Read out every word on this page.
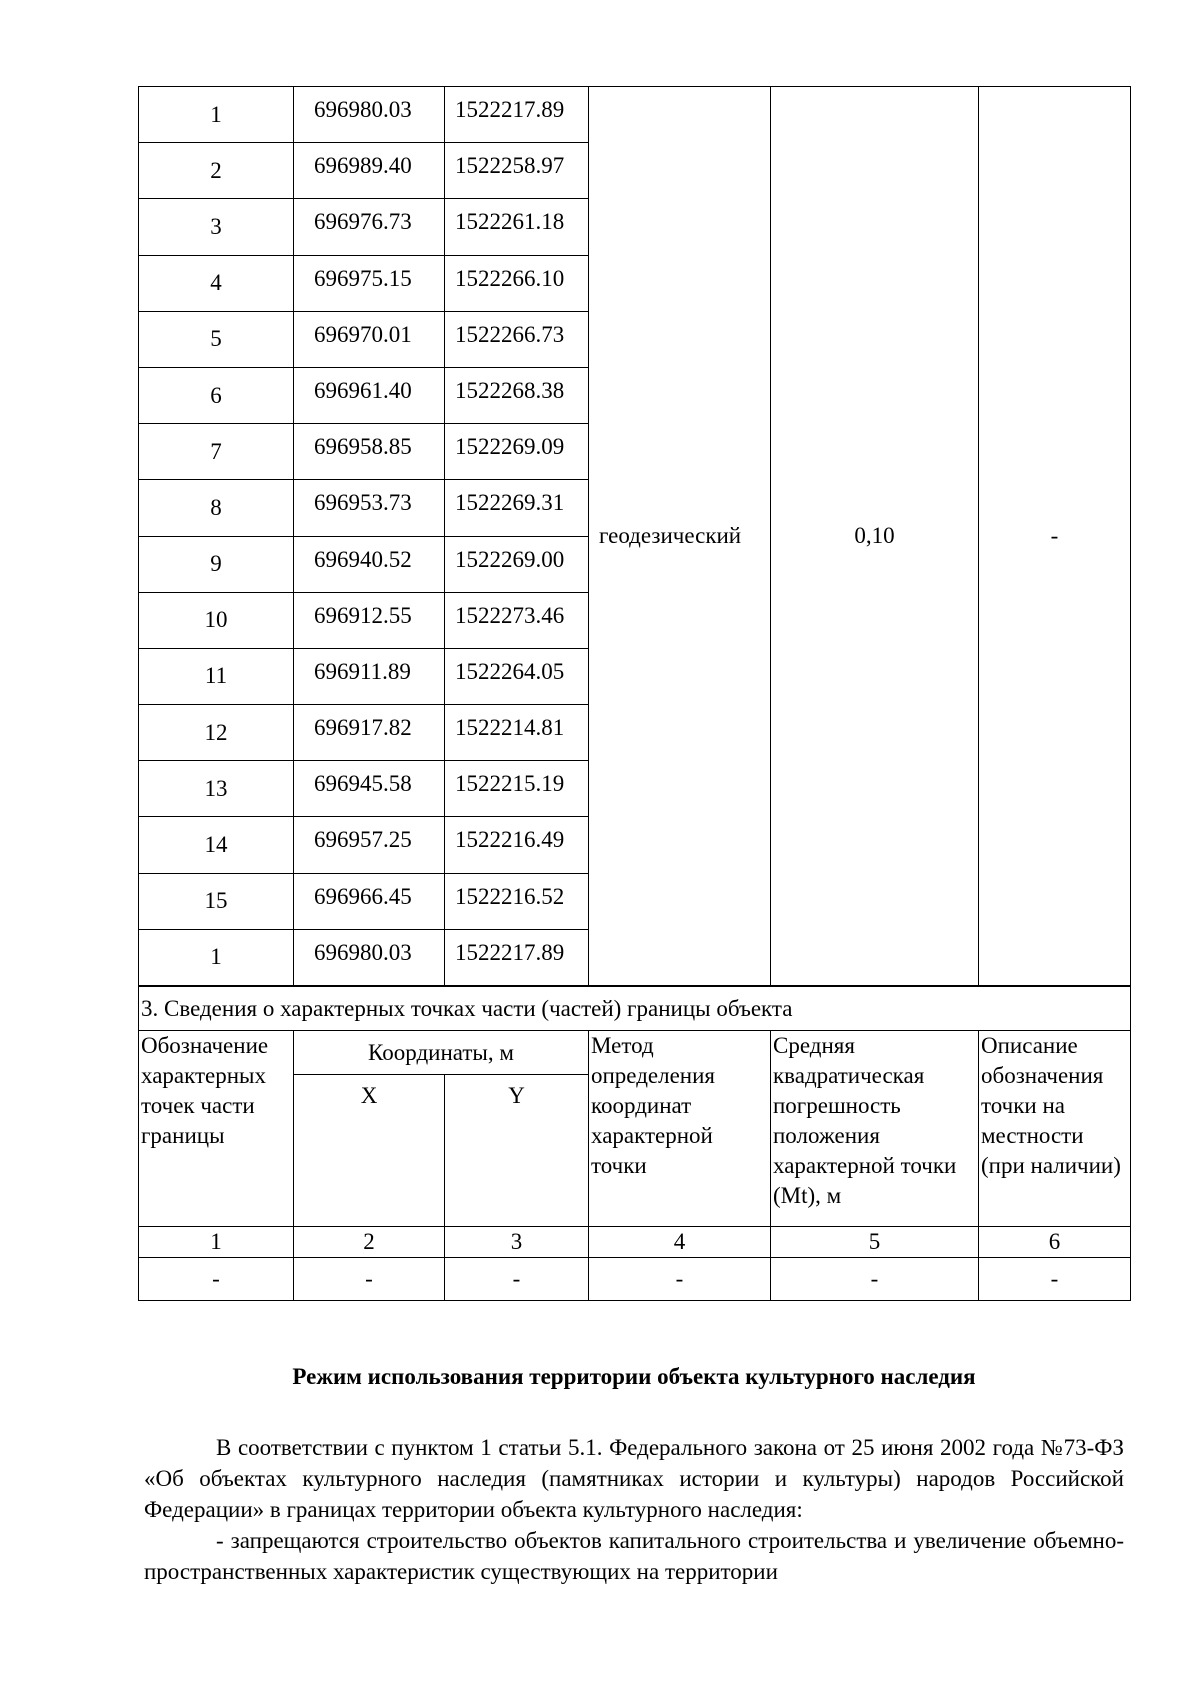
1	696980.03	1522217.89	геодезический	0,10	-
2	696989.40	1522258.97			
3	696976.73	1522261.18			
4	696975.15	1522266.10			
5	696970.01	1522266.73			
6	696961.40	1522268.38			
7	696958.85	1522269.09			
8	696953.73	1522269.31			
9	696940.52	1522269.00			
10	696912.55	1522273.46			
11	696911.89	1522264.05			
12	696917.82	1522214.81			
13	696945.58	1522215.19			
14	696957.25	1522216.49			
15	696966.45	1522216.52			
1	696980.03	1522217.89			
3. Сведения о характерных точках части (частей) границы объекта					
Обозначение характерных точек части границы	Координаты, м		Метод определения координат характерной точки	Средняя квадратическая погрешность положения характерной точки (Mt), м	Описание обозначения точки на местности (при наличии)
	X	Y			
1	2	3	4	5	6
-	-	-	-	-	-
Режим использования территории объекта культурного наследия
В соответствии с пунктом 1 статьи 5.1. Федерального закона от 25 июня 2002 года №73-ФЗ «Об объектах культурного наследия (памятниках истории и культуры) народов Российской Федерации» в границах территории объекта культурного наследия:
- запрещаются строительство объектов капитального строительства и увеличение объемно-пространственных характеристик существующих на территории
